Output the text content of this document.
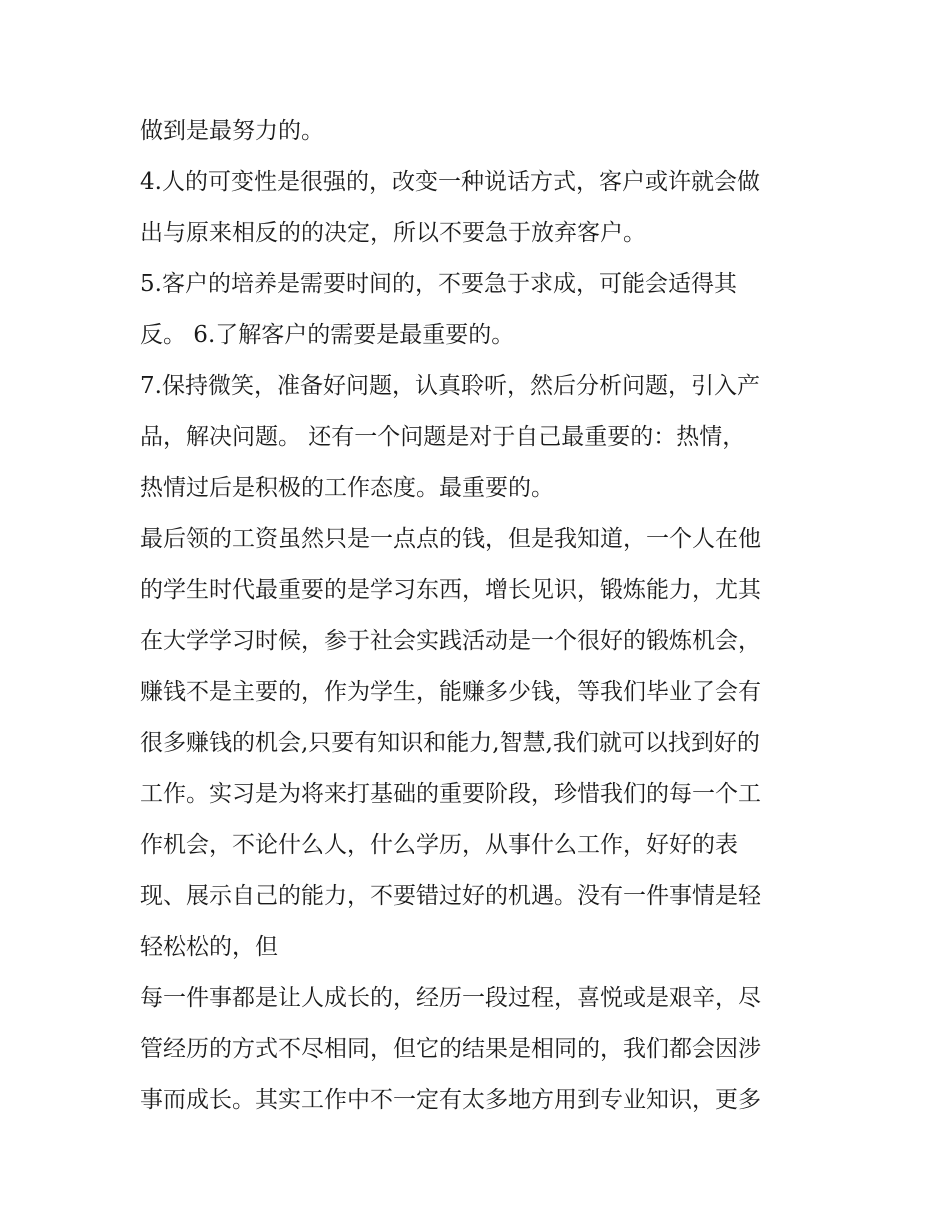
做到是最努力的。
4.人的可变性是很强的，改变一种说话方式，客户或许就会做
出与原来相反的的决定，所以不要急于放弃客户。
5.客户的培养是需要时间的，不要急于求成，可能会适得其
反。 6.了解客户的需要是最重要的。
7.保持微笑，准备好问题，认真聆听，然后分析问题，引入产
品，解决问题。 还有一个问题是对于自己最重要的：热情，
热情过后是积极的工作态度。最重要的。
最后领的工资虽然只是一点点的钱，但是我知道，一个人在他
的学生时代最重要的是学习东西，增长见识，锻炼能力，尤其
在大学学习时候，参于社会实践活动是一个很好的锻炼机会，
赚钱不是主要的，作为学生，能赚多少钱，等我们毕业了会有
很多赚钱的机会,只要有知识和能力,智慧,我们就可以找到好的
工作。实习是为将来打基础的重要阶段，珍惜我们的每一个工
作机会，不论什么人，什么学历，从事什么工作，好好的表
现、展示自己的能力，不要错过好的机遇。没有一件事情是轻
轻松松的，但
每一件事都是让人成长的，经历一段过程，喜悦或是艰辛，尽
管经历的方式不尽相同，但它的结果是相同的，我们都会因涉
事而成长。其实工作中不一定有太多地方用到专业知识，更多
